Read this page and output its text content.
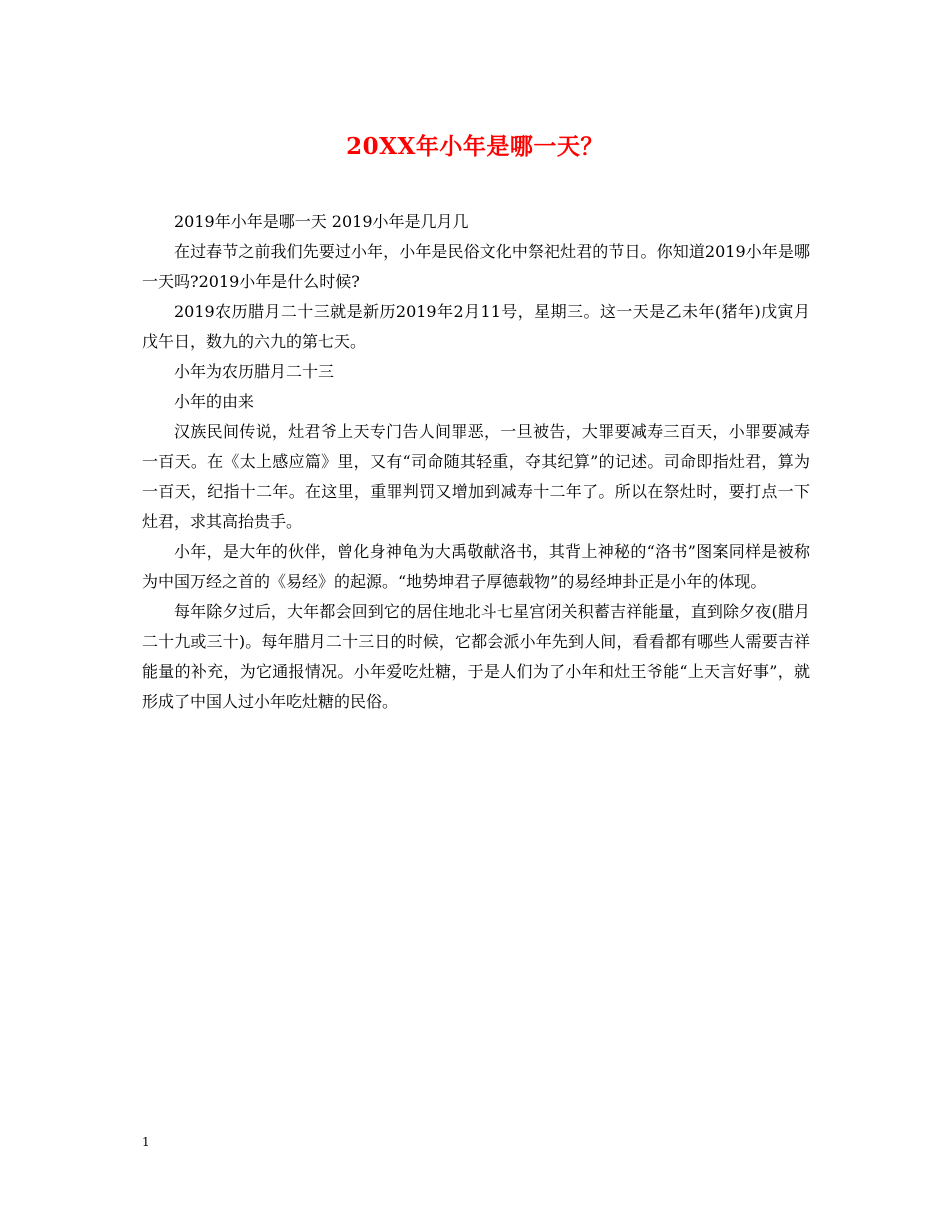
20XX年小年是哪一天？

2019年小年是哪一天 2019小年是几月几

在过春节之前我们先要过小年，小年是民俗文化中祭祀灶君的节日。你知道2019小年是哪一天吗?2019小年是什么时候?

2019农历腊月二十三就是新历2019年2月11号，星期三。这一天是乙未年(猪年)戊寅月戊午日，数九的六九的第七天。

小年为农历腊月二十三

小年的由来

汉族民间传说，灶君爷上天专门告人间罪恶，一旦被告，大罪要减寿三百天，小罪要减寿一百天。在《太上感应篇》里，又有“司命随其轻重，夺其纪算”的记述。司命即指灶君，算为一百天，纪指十二年。在这里，重罪判罚又增加到减寿十二年了。所以在祭灶时，要打点一下灶君，求其高抬贵手。

小年，是大年的伙伴，曾化身神龟为大禹敬献洛书，其背上神秘的“洛书”图案同样是被称为中国万经之首的《易经》的起源。“地势坤君子厚德载物”的易经坤卦正是小年的体现。

每年除夕过后，大年都会回到它的居住地北斗七星宫闭关积蓄吉祥能量，直到除夕夜(腊月二十九或三十)。每年腊月二十三日的时候，它都会派小年先到人间，看看都有哪些人需要吉祥能量的补充，为它通报情况。小年爱吃灶糖，于是人们为了小年和灶王爷能“上天言好事”，就形成了中国人过小年吃灶糖的民俗。

1
